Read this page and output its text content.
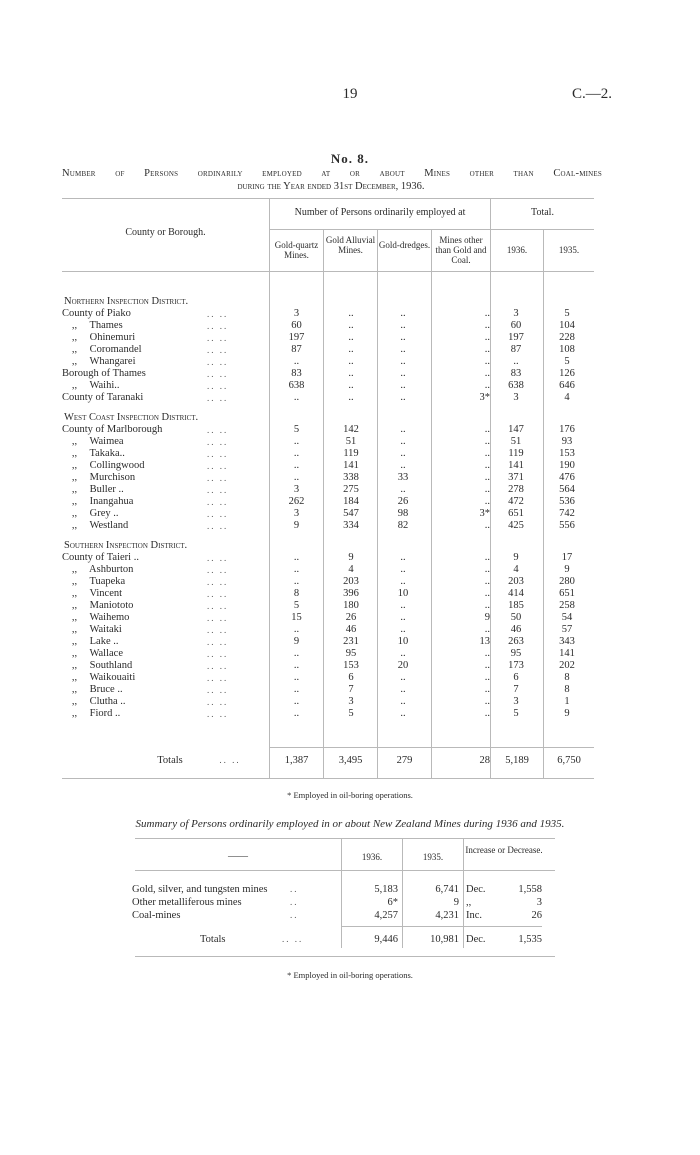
19	C.—2.
No. 8.
Number of Persons ordinarily employed at or about Mines other than Coal-mines
during the Year ended 31st December, 1936.
County or Borough.
Number of Persons ordinarily employed at	Total.
Gold-quartz Mines.
Gold Alluvial Mines.	Gold-dredges.	Mines other than Gold and Coal.
1936.	1935.
Northern Inspection District.							
County of Piako	.. ..	3	..	..	..	3	5
,, Thames	.. ..	60	..	..	..	60	104
,, Ohinemuri	.. ..	197	..	..	..	197	228
,, Coromandel	.. ..	87	..	..	..	87	108
,, Whangarei	.. ..	..	..	..	..	..	5
Borough of Thames	.. ..	83	..	..	..	83	126
,, Waihi..	.. ..	638	..	..	..	638	646
County of Taranaki	.. ..	..	..	..	3*	3	4

West Coast Inspection District.							
County of Marlborough	.. ..	5	142	..	..	147	176
,, Waimea	.. ..	..	51	..	..	51	93
,, Takaka..	.. ..	..	119	..	..	119	153
,, Collingwood	.. ..	..	141	..	..	141	190
,, Murchison	.. ..	..	338	33	..	371	476
,, Buller ..	.. ..	3	275	..	..	278	564
,, Inangahua	.. ..	262	184	26	..	472	536
,, Grey ..	.. ..	3	547	98	3*	651	742
,, Westland	.. ..	9	334	82	..	425	556

Southern Inspection District.							
County of Taieri ..	.. ..	..	9	..	..	9	17
,, Ashburton	.. ..	..	4	..	..	4	9
,, Tuapeka	.. ..	..	203	..	..	203	280
,, Vincent	.. ..	8	396	10	..	414	651
,, Maniototo	.. ..	5	180	..	..	185	258
,, Waihemo	.. ..	15	26	..	9	50	54
,, Waitaki	.. ..	..	46	..	..	46	57
,, Lake ..	.. ..	9	231	10	13	263	343
,, Wallace	.. ..	..	95	..	..	95	141
,, Southland	.. ..	..	153	20	..	173	202
,, Waikouaiti	.. ..	..	6	..	..	6	8
,, Bruce ..	.. ..	..	7	..	..	7	8
,, Clutha ..	.. ..	..	3	..	..	3	1
,, Fiord ..	.. ..	..	5	..	..	5	9
Totals	.. ..	1,387	3,495	279	28	5,189	6,750
* Employed in oil-boring operations.
Summary of Persons ordinarily employed in or about New Zealand Mines during 1936 and 1935.
——	1936.	1935.
Increase or Decrease.
Gold, silver, and tungsten mines	5,183	6,741 Dec.	1,558
..
Other metalliferous mines	6*	9 ,,	3
..
Coal-mines	4,257	4,231 Inc.	26
..
Totals	.. ..	9,446	10,981 Dec.	1,535
* Employed in oil-boring operations.
